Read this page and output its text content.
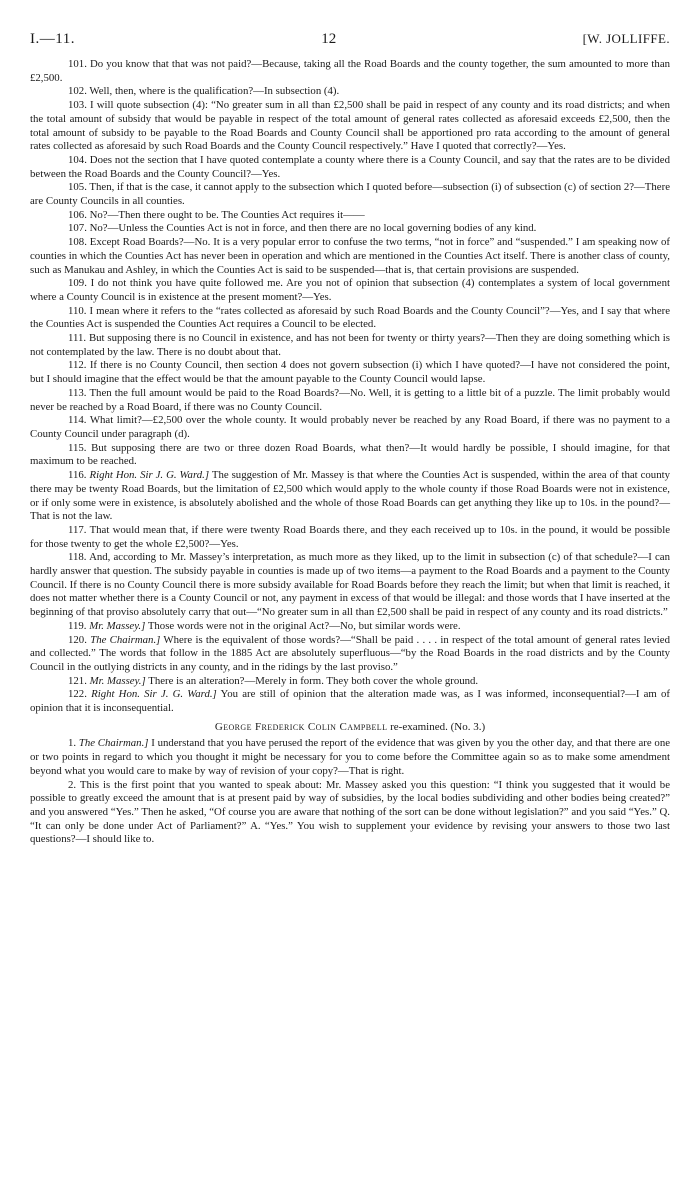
I.—11.	12	[W. JOLLIFFE.

101. Do you know that that was not paid?—Because, taking all the Road Boards and the county together, the sum amounted to more than £2,500.

102. Well, then, where is the qualification?—In subsection (4).

103. I will quote subsection (4): “No greater sum in all than £2,500 shall be paid in respect of any county and its road districts; and when the total amount of subsidy that would be payable in respect of the total amount of general rates collected as aforesaid exceeds £2,500, then the total amount of subsidy to be payable to the Road Boards and County Council shall be apportioned pro rata according to the amount of general rates collected as aforesaid by such Road Boards and the County Council respectively.” Have I quoted that correctly?—Yes.

104. Does not the section that I have quoted contemplate a county where there is a County Council, and say that the rates are to be divided between the Road Boards and the County Council?—Yes.

105. Then, if that is the case, it cannot apply to the subsection which I quoted before—subsection (i) of subsection (c) of section 2?—There are County Councils in all counties.

106. No?—Then there ought to be. The Counties Act requires it——

107. No?—Unless the Counties Act is not in force, and then there are no local governing bodies of any kind.

108. Except Road Boards?—No. It is a very popular error to confuse the two terms, “not in force” and “suspended.” I am speaking now of counties in which the Counties Act has never been in operation and which are mentioned in the Counties Act itself. There is another class of county, such as Manukau and Ashley, in which the Counties Act is said to be suspended—that is, that certain provisions are suspended.

109. I do not think you have quite followed me. Are you not of opinion that subsection (4) contemplates a system of local government where a County Council is in existence at the present moment?—Yes.

110. I mean where it refers to the “rates collected as aforesaid by such Road Boards and the County Council”?—Yes, and I say that where the Counties Act is suspended the Counties Act requires a Council to be elected.

111. But supposing there is no Council in existence, and has not been for twenty or thirty years?—Then they are doing something which is not contemplated by the law. There is no doubt about that.

112. If there is no County Council, then section 4 does not govern subsection (i) which I have quoted?—I have not considered the point, but I should imagine that the effect would be that the amount payable to the County Council would lapse.

113. Then the full amount would be paid to the Road Boards?—No. Well, it is getting to a little bit of a puzzle. The limit probably would never be reached by a Road Board, if there was no County Council.

114. What limit?—£2,500 over the whole county. It would probably never be reached by any Road Board, if there was no payment to a County Council under paragraph (d).

115. But supposing there are two or three dozen Road Boards, what then?—It would hardly be possible, I should imagine, for that maximum to be reached.

116. Right Hon. Sir J. G. Ward.] The suggestion of Mr. Massey is that where the Counties Act is suspended, within the area of that county there may be twenty Road Boards, but the limitation of £2,500 which would apply to the whole county if those Road Boards were not in existence, or if only some were in existence, is absolutely abolished and the whole of those Road Boards can get anything they like up to 10s. in the pound?—That is not the law.

117. That would mean that, if there were twenty Road Boards there, and they each received up to 10s. in the pound, it would be possible for those twenty to get the whole £2,500?—Yes.

118. And, according to Mr. Massey’s interpretation, as much more as they liked, up to the limit in subsection (c) of that schedule?—I can hardly answer that question. The subsidy payable in counties is made up of two items—a payment to the Road Boards and a payment to the County Council. If there is no County Council there is more subsidy available for Road Boards before they reach the limit; but when that limit is reached, it does not matter whether there is a County Council or not, any payment in excess of that would be illegal: and those words that I have inserted at the beginning of that proviso absolutely carry that out—“No greater sum in all than £2,500 shall be paid in respect of any county and its road districts.”

119. Mr. Massey.] Those words were not in the original Act?—No, but similar words were.

120. The Chairman.] Where is the equivalent of those words?—“Shall be paid . . . . in respect of the total amount of general rates levied and collected.” The words that follow in the 1885 Act are absolutely superfluous—“by the Road Boards in the road districts and by the County Council in the outlying districts in any county, and in the ridings by the last proviso.”

121. Mr. Massey.] There is an alteration?—Merely in form. They both cover the whole ground.

122. Right Hon. Sir J. G. Ward.] You are still of opinion that the alteration made was, as I was informed, inconsequential?—I am of opinion that it is inconsequential.

George Frederick Colin Campbell re-examined. (No. 3.)

1. The Chairman.] I understand that you have perused the report of the evidence that was given by you the other day, and that there are one or two points in regard to which you thought it might be necessary for you to come before the Committee again so as to make some amendment beyond what you would care to make by way of revision of your copy?—That is right.

2. This is the first point that you wanted to speak about: Mr. Massey asked you this question: “I think you suggested that it would be possible to greatly exceed the amount that is at present paid by way of subsidies, by the local bodies subdividing and other bodies being created?” and you answered “Yes.” Then he asked, “Of course you are aware that nothing of the sort can be done without legislation?” and you said “Yes.” Q. “It can only be done under Act of Parliament?” A. “Yes.” You wish to supplement your evidence by revising your answers to those two last questions?—I should like to.
